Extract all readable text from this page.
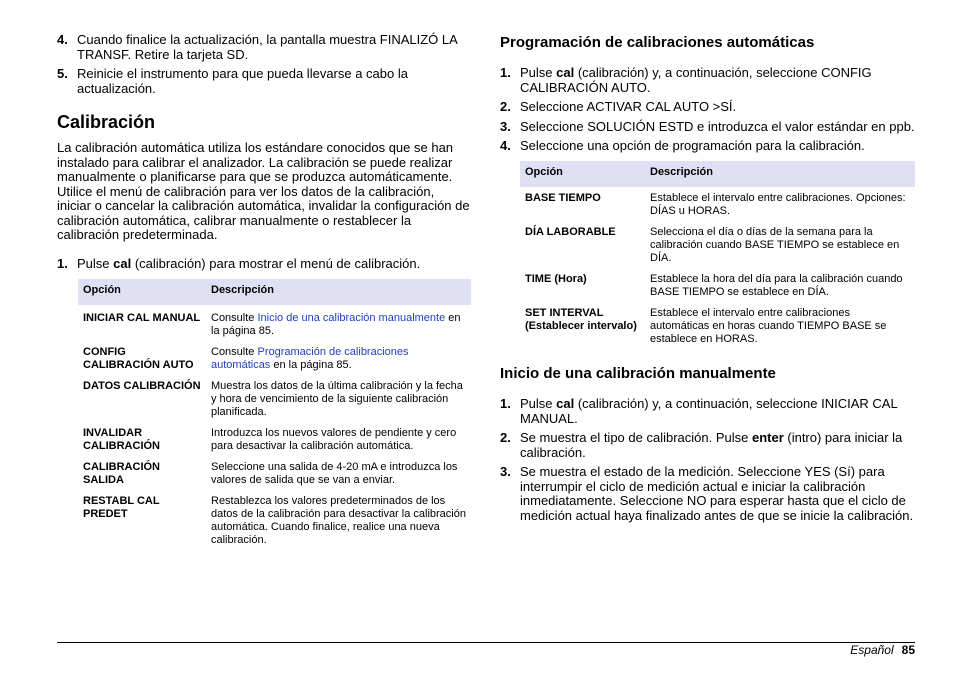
4. Cuando finalice la actualización, la pantalla muestra FINALIZÓ LA TRANSF. Retire la tarjeta SD.
5. Reinicie el instrumento para que pueda llevarse a cabo la actualización.
Calibración

La calibración automática utiliza los estándare conocidos que se han instalado para calibrar el analizador. La calibración se puede realizar manualmente o planificarse para que se produzca automáticamente. Utilice el menú de calibración para ver los datos de la calibración, iniciar o cancelar la calibración automática, invalidar la configuración de calibración automática, calibrar manualmente o restablecer la calibración predeterminada.

1. Pulse cal (calibración) para mostrar el menú de calibración.
Opción	Descripción
INICIAR CAL MANUAL	Consulte Inicio de una calibración manualmente en la página 85.
CONFIG CALIBRACIÓN AUTO	Consulte Programación de calibraciones automáticas en la página 85.
DATOS CALIBRACIÓN	Muestra los datos de la última calibración y la fecha y hora de vencimiento de la siguiente calibración planificada.
INVALIDAR CALIBRACIÓN	Introduzca los nuevos valores de pendiente y cero para desactivar la calibración automática.
CALIBRACIÓN SALIDA	Seleccione una salida de 4-20 mA e introduzca los valores de salida que se van a enviar.
RESTABL CAL PREDET	Restablezca los valores predeterminados de los datos de la calibración para desactivar la calibración automática. Cuando finalice, realice una nueva calibración.
Programación de calibraciones automáticas
1. Pulse cal (calibración) y, a continuación, seleccione CONFIG CALIBRACIÓN AUTO.
2. Seleccione ACTIVAR CAL AUTO >SÍ.
3. Seleccione SOLUCIÓN ESTD e introduzca el valor estándar en ppb.
4. Seleccione una opción de programación para la calibración.
Opción	Descripción
BASE TIEMPO	Establece el intervalo entre calibraciones. Opciones: DÍAS u HORAS.
DÍA LABORABLE	Selecciona el día o días de la semana para la calibración cuando BASE TIEMPO se establece en DÍA.
TIME (Hora)	Establece la hora del día para la calibración cuando BASE TIEMPO se establece en DÍA.
SET INTERVAL (Establecer intervalo)	Establece el intervalo entre calibraciones automáticas en horas cuando TIEMPO BASE se establece en HORAS.
Inicio de una calibración manualmente
1. Pulse cal (calibración) y, a continuación, seleccione INICIAR CAL MANUAL.
2. Se muestra el tipo de calibración. Pulse enter (intro) para iniciar la calibración.
3. Se muestra el estado de la medición. Seleccione YES (Sí) para interrumpir el ciclo de medición actual e iniciar la calibración inmediatamente. Seleccione NO para esperar hasta que el ciclo de medición actual haya finalizado antes de que se inicie la calibración.
Español 85
